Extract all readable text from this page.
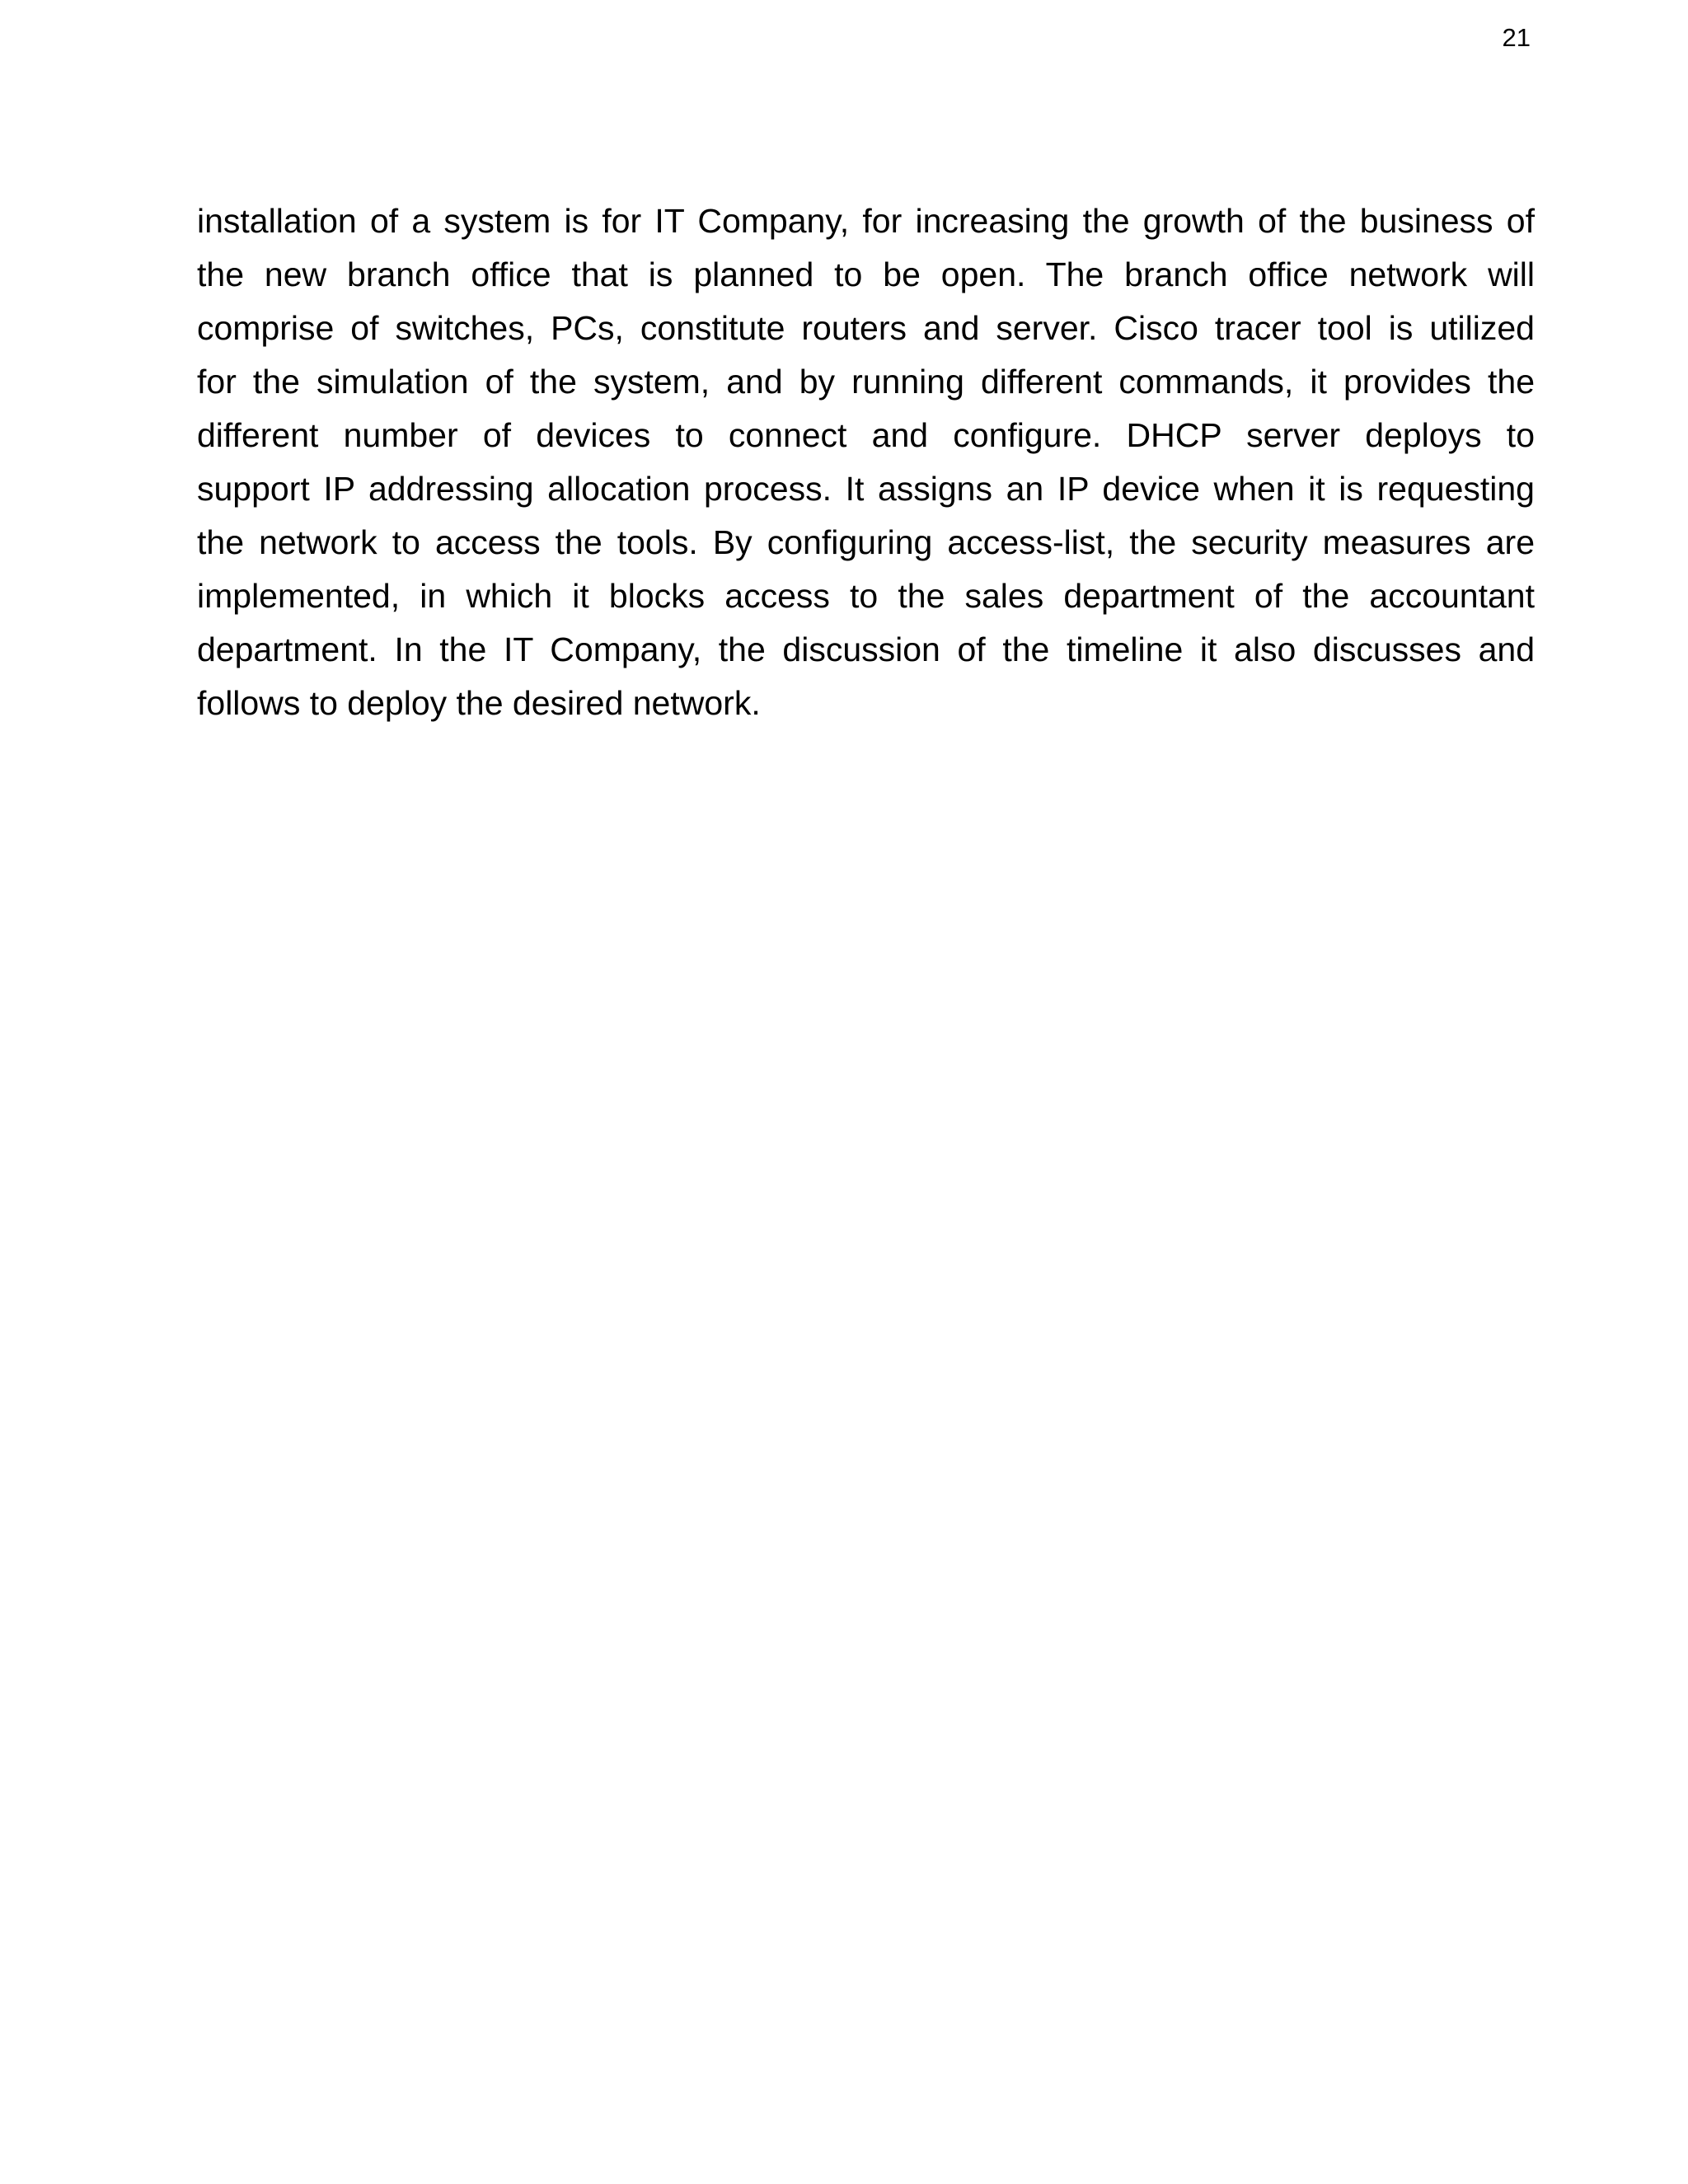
21

installation of a system is for IT Company, for increasing the growth of the business of
the new branch office that is planned to be open. The branch office network will
comprise of switches, PCs, constitute routers and server. Cisco tracer tool is utilized
for the simulation of the system, and by running different commands, it provides the
different number of devices to connect and configure. DHCP server deploys to
support IP addressing allocation process. It assigns an IP device when it is requesting
the network to access the tools. By configuring access-list, the security measures are
implemented, in which it blocks access to the sales department of the accountant
department. In the IT Company, the discussion of the timeline it also discusses and
follows to deploy the desired network.
